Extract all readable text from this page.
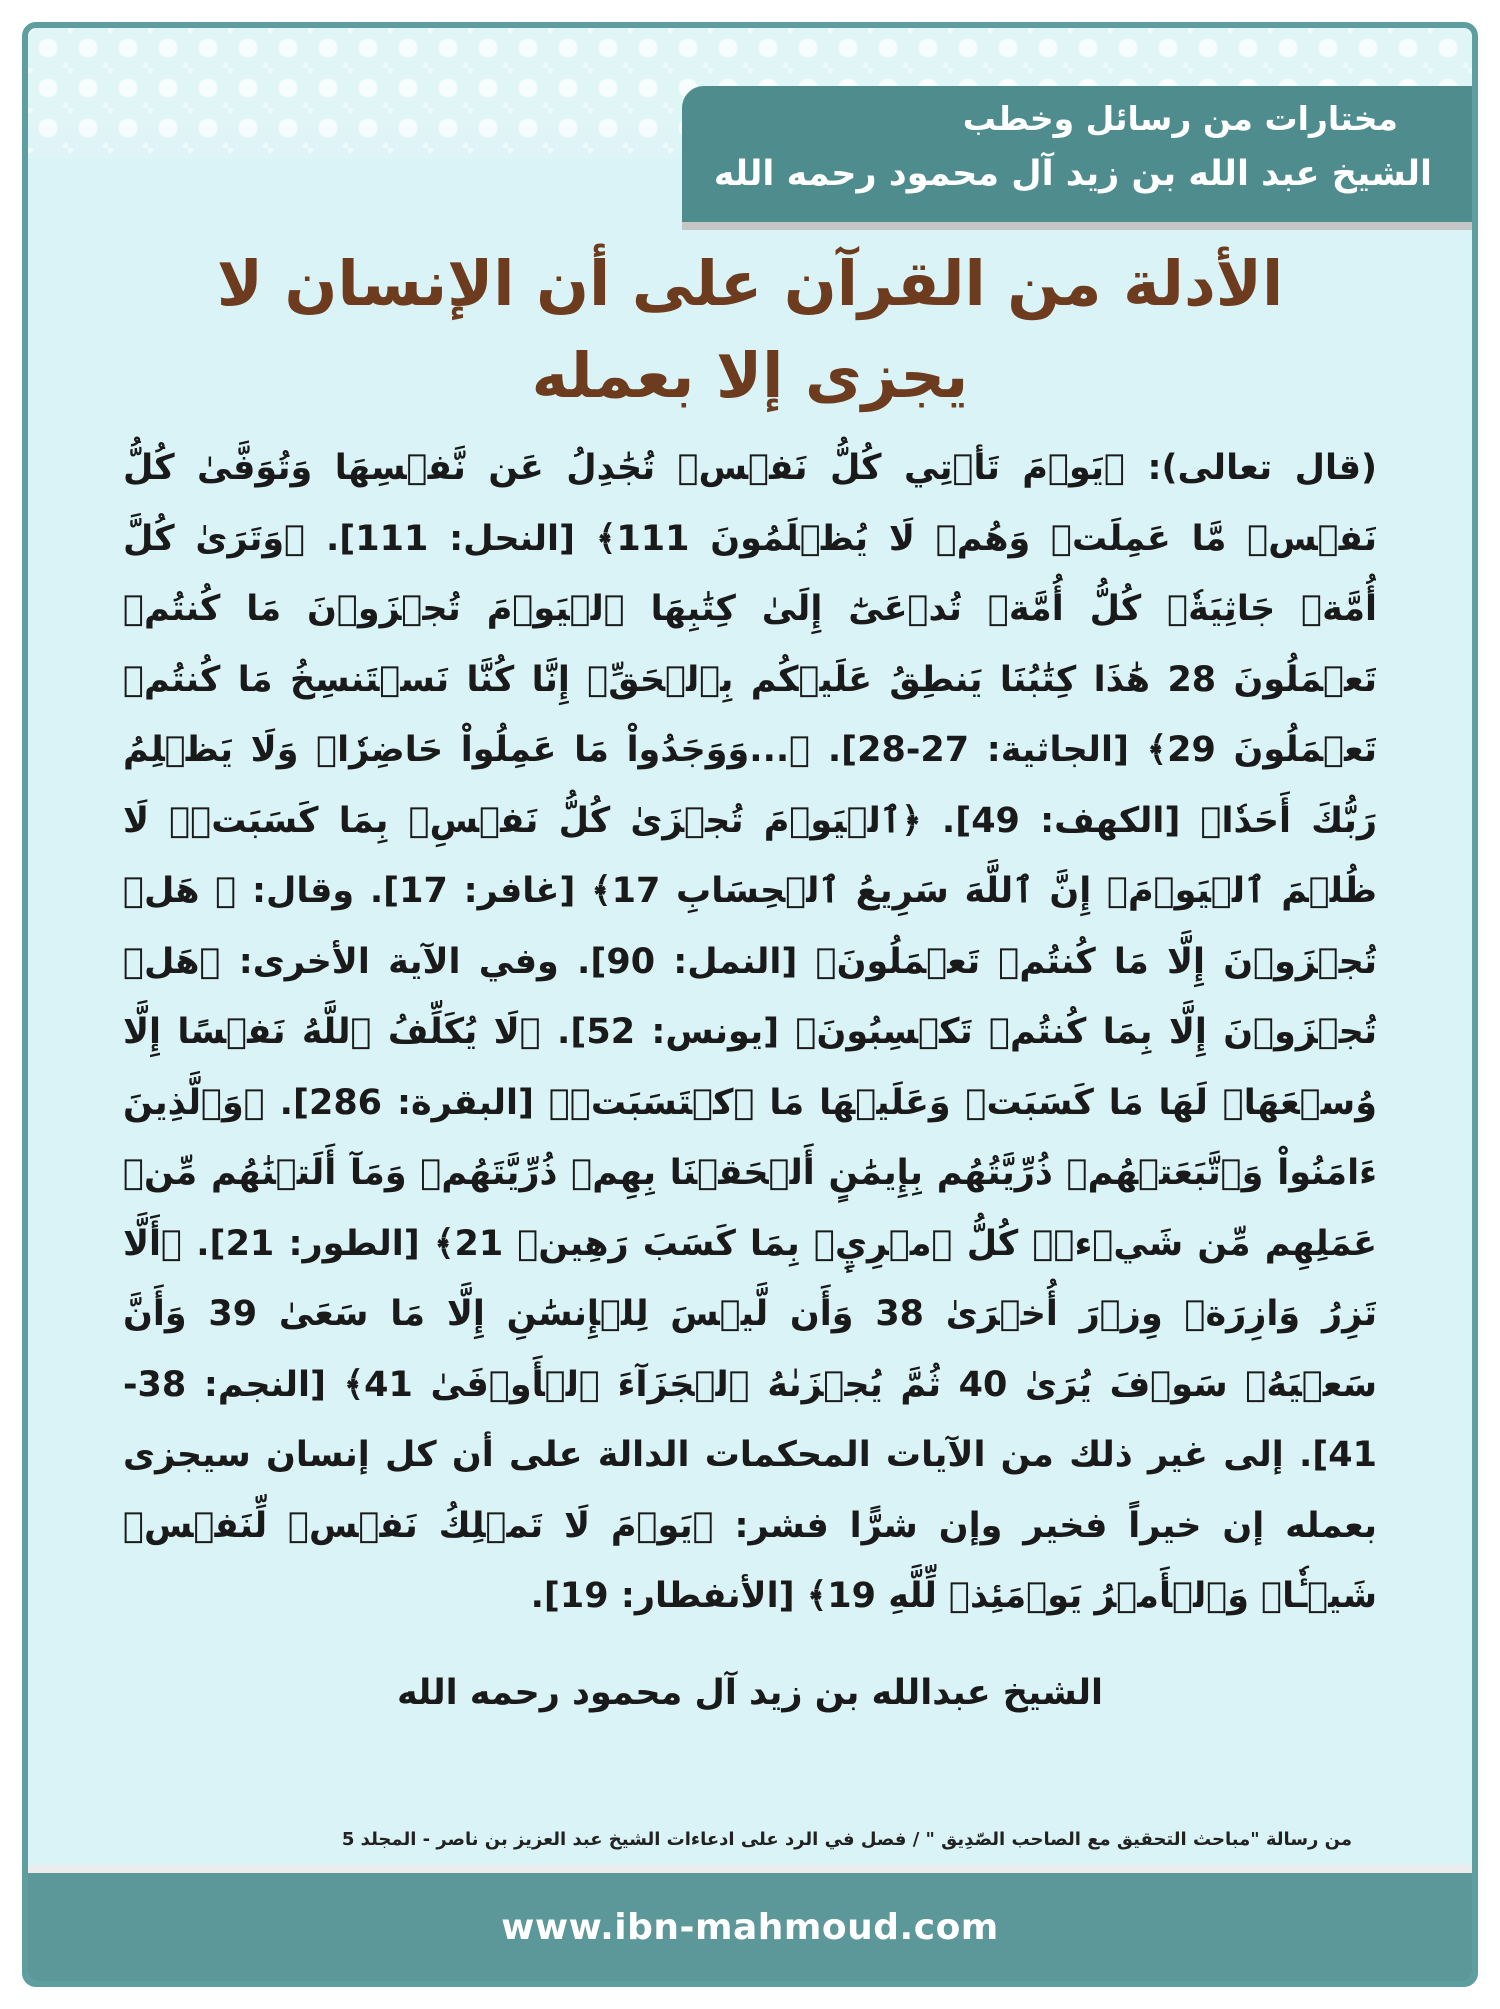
مختارات من رسائل وخطب
الشيخ عبد الله بن زيد آل محمود رحمه الله
الأدلة من القرآن على أن الإنسان لا يجزى إلا بعمله

(قال تعالى): ﴿يَوۡمَ تَأۡتِي كُلُّ نَفۡسٖ تُجَٰدِلُ عَن نَّفۡسِهَا وَتُوَفَّىٰ كُلُّ نَفۡسٖ مَّا عَمِلَتۡ وَهُمۡ لَا يُظۡلَمُونَ 111﴾ [النحل: 111]. ﴿وَتَرَىٰ كُلَّ أُمَّةٖ جَاثِيَةٗۚ كُلُّ أُمَّةٖ تُدۡعَىٰٓ إِلَىٰ كِتَٰبِهَا ٱلۡيَوۡمَ تُجۡزَوۡنَ مَا كُنتُمۡ تَعۡمَلُونَ 28 هَٰذَا كِتَٰبُنَا يَنطِقُ عَلَيۡكُم بِٱلۡحَقِّۚ إِنَّا كُنَّا نَسۡتَنسِخُ مَا كُنتُمۡ تَعۡمَلُونَ 29﴾ [الجاثية: 27-28]. ﴿...وَوَجَدُواْ مَا عَمِلُواْ حَاضِرٗاۗ وَلَا يَظۡلِمُ رَبُّكَ أَحَدٗا﴾ [الكهف: 49]. ﴿ٱلۡيَوۡمَ تُجۡزَىٰ كُلُّ نَفۡسِۭ بِمَا كَسَبَتۡۚ لَا ظُلۡمَ ٱلۡيَوۡمَۚ إِنَّ ٱللَّهَ سَرِيعُ ٱلۡحِسَابِ 17﴾ [غافر: 17]. وقال: ﴿ هَلۡ تُجۡزَوۡنَ إِلَّا مَا كُنتُمۡ تَعۡمَلُونَ﴾ [النمل: 90]. وفي الآية الأخرى: ﴿هَلۡ تُجۡزَوۡنَ إِلَّا بِمَا كُنتُمۡ تَكۡسِبُونَ﴾ [يونس: 52]. ﴿لَا يُكَلِّفُ ٱللَّهُ نَفۡسًا إِلَّا وُسۡعَهَاۚ لَهَا مَا كَسَبَتۡ وَعَلَيۡهَا مَا ٱكۡتَسَبَتۡ﴾ [البقرة: 286]. ﴿وَٱلَّذِينَ ءَامَنُواْ وَٱتَّبَعَتۡهُمۡ ذُرِّيَّتُهُم بِإِيمَٰنٍ أَلۡحَقۡنَا بِهِمۡ ذُرِّيَّتَهُمۡ وَمَآ أَلَتۡنَٰهُم مِّنۡ عَمَلِهِم مِّن شَيۡءٖۚ كُلُّ ٱمۡرِيِٕۭ بِمَا كَسَبَ رَهِينٞ 21﴾ [الطور: 21]. ﴿أَلَّا تَزِرُ وَازِرَةٞ وِزۡرَ أُخۡرَىٰ 38 وَأَن لَّيۡسَ لِلۡإِنسَٰنِ إِلَّا مَا سَعَىٰ 39 وَأَنَّ سَعۡيَهُۥ سَوۡفَ يُرَىٰ 40 ثُمَّ يُجۡزَىٰهُ ٱلۡجَزَآءَ ٱلۡأَوۡفَىٰ 41﴾ [النجم: 38-41]. إلى غير ذلك من الآيات المحكمات الدالة على أن كل إنسان سيجزى بعمله إن خيراً فخير وإن شرًّا فشر: ﴿يَوۡمَ لَا تَمۡلِكُ نَفۡسٞ لِّنَفۡسٖ شَيۡـٔٗاۖ وَٱلۡأَمۡرُ يَوۡمَئِذٖ لِّلَّهِ 19﴾ [الأنفطار: 19].

الشيخ عبدالله بن زيد آل محمود رحمه الله
من رسالة "مباحث التحقيق مع الصاحب الصّدِيق " / فصل في الرد على ادعاءات الشيخ عبد العزيز بن ناصر - المجلد 5
www.ibn-mahmoud.com
